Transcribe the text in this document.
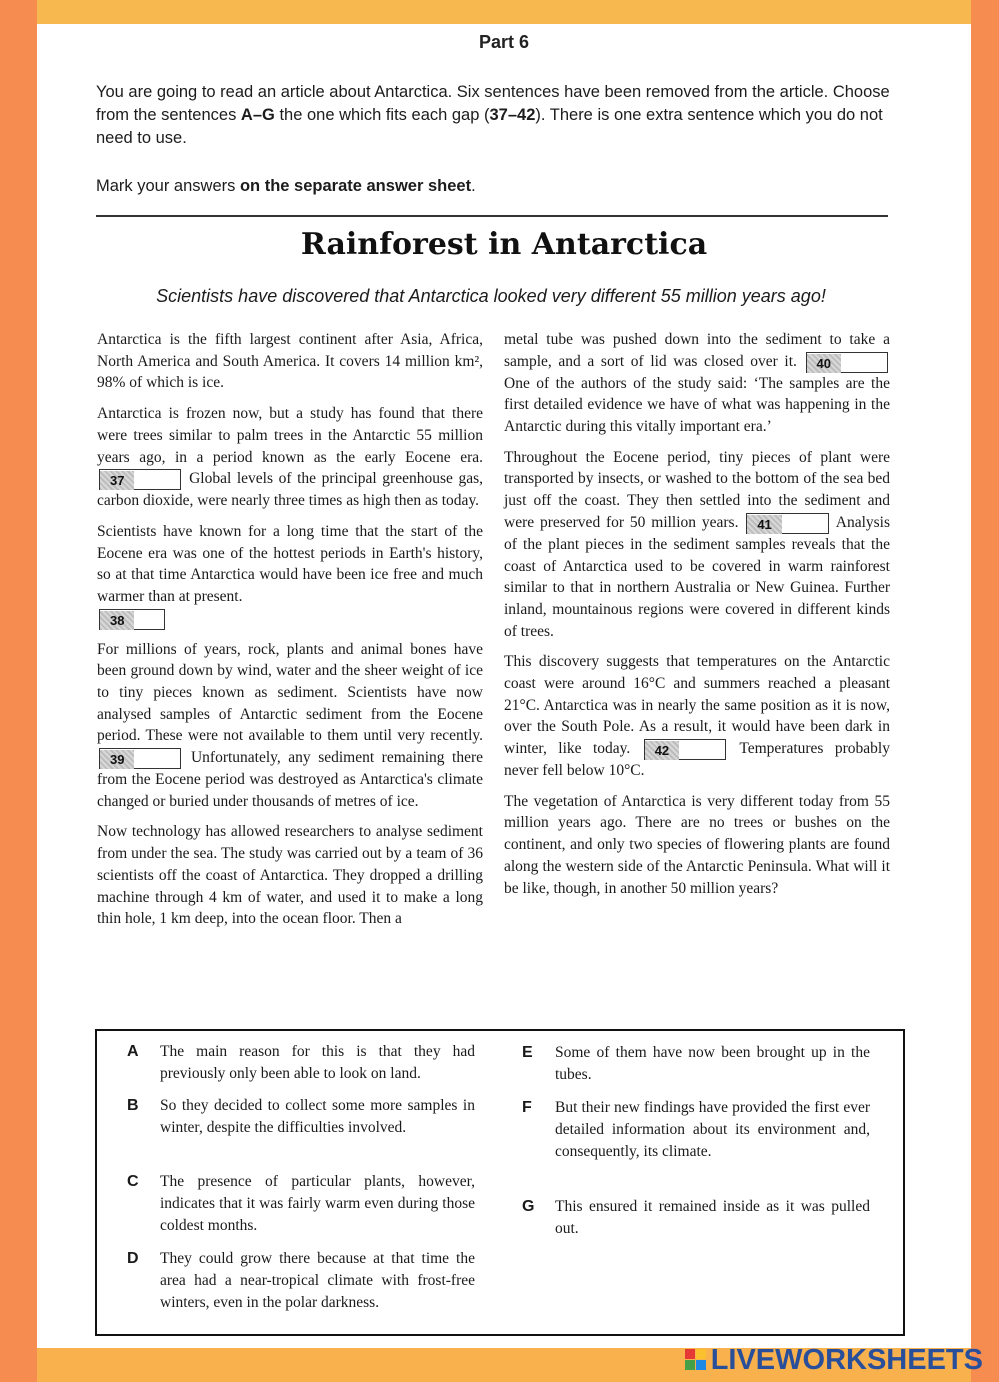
Part 6
You are going to read an article about Antarctica. Six sentences have been removed from the article. Choose from the sentences A–G the one which fits each gap (37–42). There is one extra sentence which you do not need to use.
Mark your answers on the separate answer sheet.
Rainforest in Antarctica
Scientists have discovered that Antarctica looked very different 55 million years ago!

Antarctica is the fifth largest continent after Asia, Africa, North America and South America. It covers 14 million km², 98% of which is ice.

Antarctica is frozen now, but a study has found that there were trees similar to palm trees in the Antarctic 55 million years ago, in a period known as the early Eocene era. 37	Global levels of the principal greenhouse gas, carbon dioxide, were nearly three times as high then as today.

Scientists have known for a long time that the start of the Eocene era was one of the hottest periods in Earth's history, so at that time Antarctica would have been ice free and much warmer than at present.
38

For millions of years, rock, plants and animal bones have been ground down by wind, water and the sheer weight of ice to tiny pieces known as sediment. Scientists have now analysed samples of Antarctic sediment from the Eocene period. These were not available to them until very recently. 39	Unfortunately, any sediment remaining there from the Eocene period was destroyed as Antarctica's climate changed or buried under thousands of metres of ice.

Now technology has allowed researchers to analyse sediment from under the sea. The study was carried out by a team of 36 scientists off the coast of Antarctica. They dropped a drilling machine through 4 km of water, and used it to make a long thin hole, 1 km deep, into the ocean floor. Then a

metal tube was pushed down into the sediment to take a sample, and a sort of lid was closed over it. 40 One of the authors of the study said: ‘The samples are the first detailed evidence we have of what was happening in the Antarctic during this vitally important era.’

Throughout the Eocene period, tiny pieces of plant were transported by insects, or washed to the bottom of the sea bed just off the coast. They then settled into the sediment and were preserved for 50 million years. 41	Analysis of the plant pieces in the sediment samples reveals that the coast of Antarctica used to be covered in warm rainforest similar to that in northern Australia or New Guinea. Further inland, mountainous regions were covered in different kinds of trees.

This discovery suggests that temperatures on the Antarctic coast were around 16°C and summers reached a pleasant 21°C. Antarctica was in nearly the same position as it is now, over the South Pole. As a result, it would have been dark in winter, like today. 42	Temperatures probably never fell below 10°C.

The vegetation of Antarctica is very different today from 55 million years ago. There are no trees or bushes on the continent, and only two species of flowering plants are found along the western side of the Antarctic Peninsula. What will it be like, though, in another 50 million years?

A The main reason for this is that they had previously only been able to look on land.
B So they decided to collect some more samples in winter, despite the difficulties involved.
C The presence of particular plants, however, indicates that it was fairly warm even during those coldest months.
D They could grow there because at that time the area had a near-tropical climate with frost-free winters, even in the polar darkness.
E Some of them have now been brought up in the tubes.
F But their new findings have provided the first ever detailed information about its environment and, consequently, its climate.
G This ensured it remained inside as it was pulled out.
LIVEWORKSHEETS
